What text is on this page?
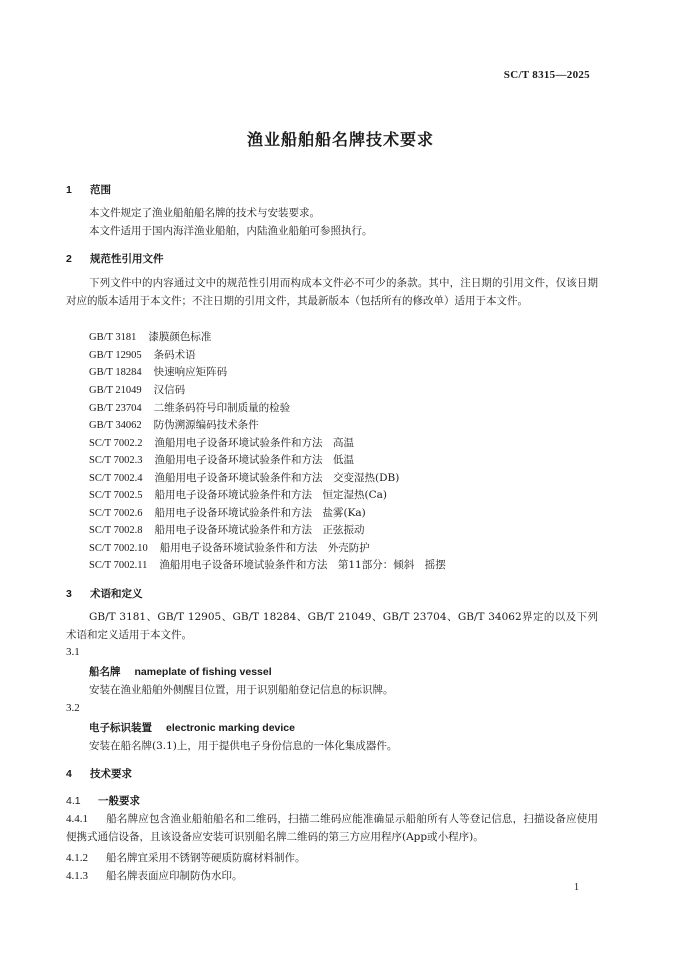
SC/T 8315—2025
渔业船舶船名牌技术要求
1 范围
本文件规定了渔业船舶船名牌的技术与安装要求。
本文件适用于国内海洋渔业船舶，内陆渔业船舶可参照执行。
2 规范性引用文件
下列文件中的内容通过文中的规范性引用而构成本文件必不可少的条款。其中，注日期的引用文件，仅该日期对应的版本适用于本文件；不注日期的引用文件，其最新版本（包括所有的修改单）适用于本文件。
GB/T 3181 漆膜颜色标准
GB/T 12905 条码术语
GB/T 18284 快速响应矩阵码
GB/T 21049 汉信码
GB/T 23704 二维条码符号印制质量的检验
GB/T 34062 防伪溯源编码技术条件
SC/T 7002.2 渔船用电子设备环境试验条件和方法　高温
SC/T 7002.3 渔船用电子设备环境试验条件和方法　低温
SC/T 7002.4 渔船用电子设备环境试验条件和方法　交变湿热(DB)
SC/T 7002.5 船用电子设备环境试验条件和方法　恒定湿热(Ca)
SC/T 7002.6 船用电子设备环境试验条件和方法　盐雾(Ka)
SC/T 7002.8 船用电子设备环境试验条件和方法　正弦振动
SC/T 7002.10 船用电子设备环境试验条件和方法　外壳防护
SC/T 7002.11 渔船用电子设备环境试验条件和方法　第11部分：倾斜　摇摆
3 术语和定义
GB/T 3181、GB/T 12905、GB/T 18284、GB/T 21049、GB/T 23704、GB/T 34062界定的以及下列术语和定义适用于本文件。
3.1
船名牌 nameplate of fishing vessel
安装在渔业船舶外侧醒目位置，用于识别船舶登记信息的标识牌。
3.2
电子标识装置 electronic marking device
安装在船名牌(3.1)上，用于提供电子身份信息的一体化集成器件。
4 技术要求
4.1 一般要求
4.4.1 船名牌应包含渔业船舶船名和二维码，扫描二维码应能准确显示船舶所有人等登记信息，扫描设备应使用便携式通信设备，且该设备应安装可识别船名牌二维码的第三方应用程序(App或小程序)。
4.1.2 船名牌宜采用不锈钢等硬质防腐材料制作。
4.1.3 船名牌表面应印制防伪水印。
1
